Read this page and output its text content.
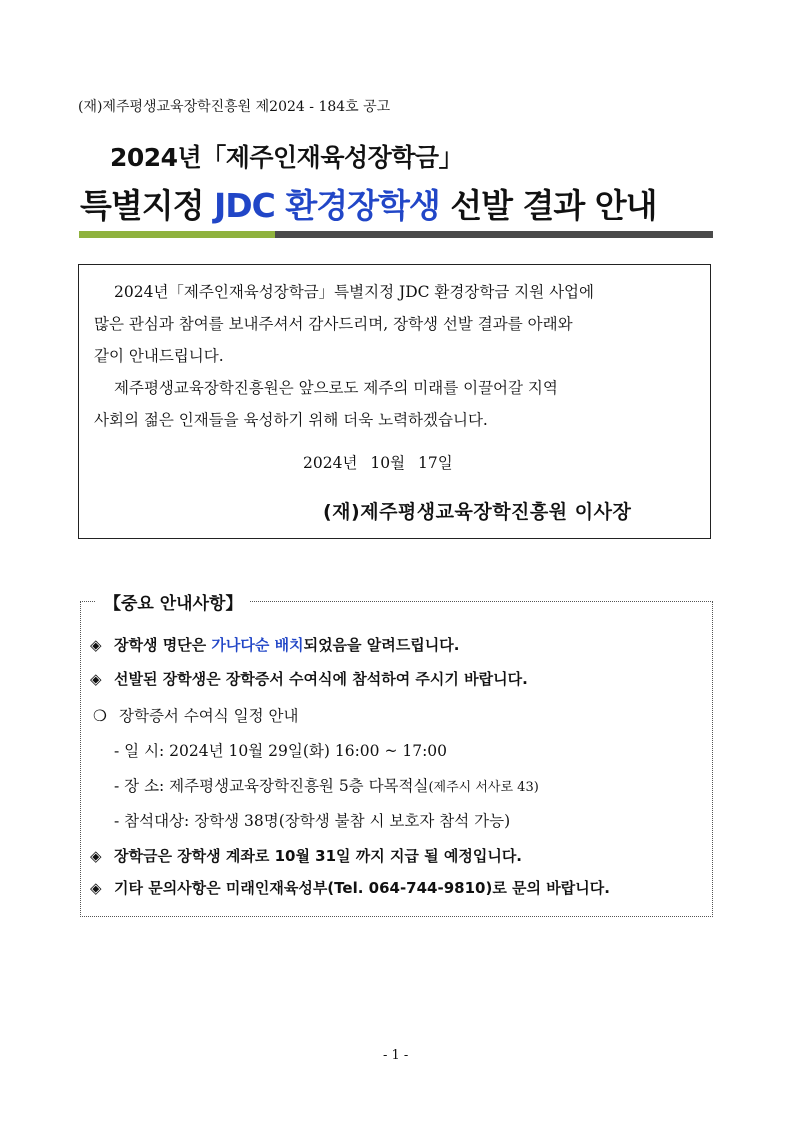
(재)제주평생교육장학진흥원 제2024 - 184호 공고
2024년「제주인재육성장학금」
특별지정 JDC 환경장학생 선발 결과 안내
2024년「제주인재육성장학금」특별지정 JDC 환경장학금 지원 사업에
많은 관심과 참여를 보내주셔서 감사드리며, 장학생 선발 결과를 아래와
같이 안내드립니다.
제주평생교육장학진흥원은 앞으로도 제주의 미래를 이끌어갈 지역
사회의 젊은 인재들을 육성하기 위해 더욱 노력하겠습니다.
2024년 10월 17일
(재)제주평생교육장학진흥원 이사장
【중요 안내사항】
◈ 장학생 명단은 가나다순 배치되었음을 알려드립니다.
◈ 선발된 장학생은 장학증서 수여식에 참석하여 주시기 바랍니다.
❍ 장학증서 수여식 일정 안내
- 일 시: 2024년 10월 29일(화) 16:00 ~ 17:00
- 장 소: 제주평생교육장학진흥원 5층 다목적실(제주시 서사로 43)
- 참석대상: 장학생 38명(장학생 불참 시 보호자 참석 가능)
◈ 장학금은 장학생 계좌로 10월 31일 까지 지급 될 예정입니다.
◈ 기타 문의사항은 미래인재육성부(Tel. 064-744-9810)로 문의 바랍니다.
- 1 -
